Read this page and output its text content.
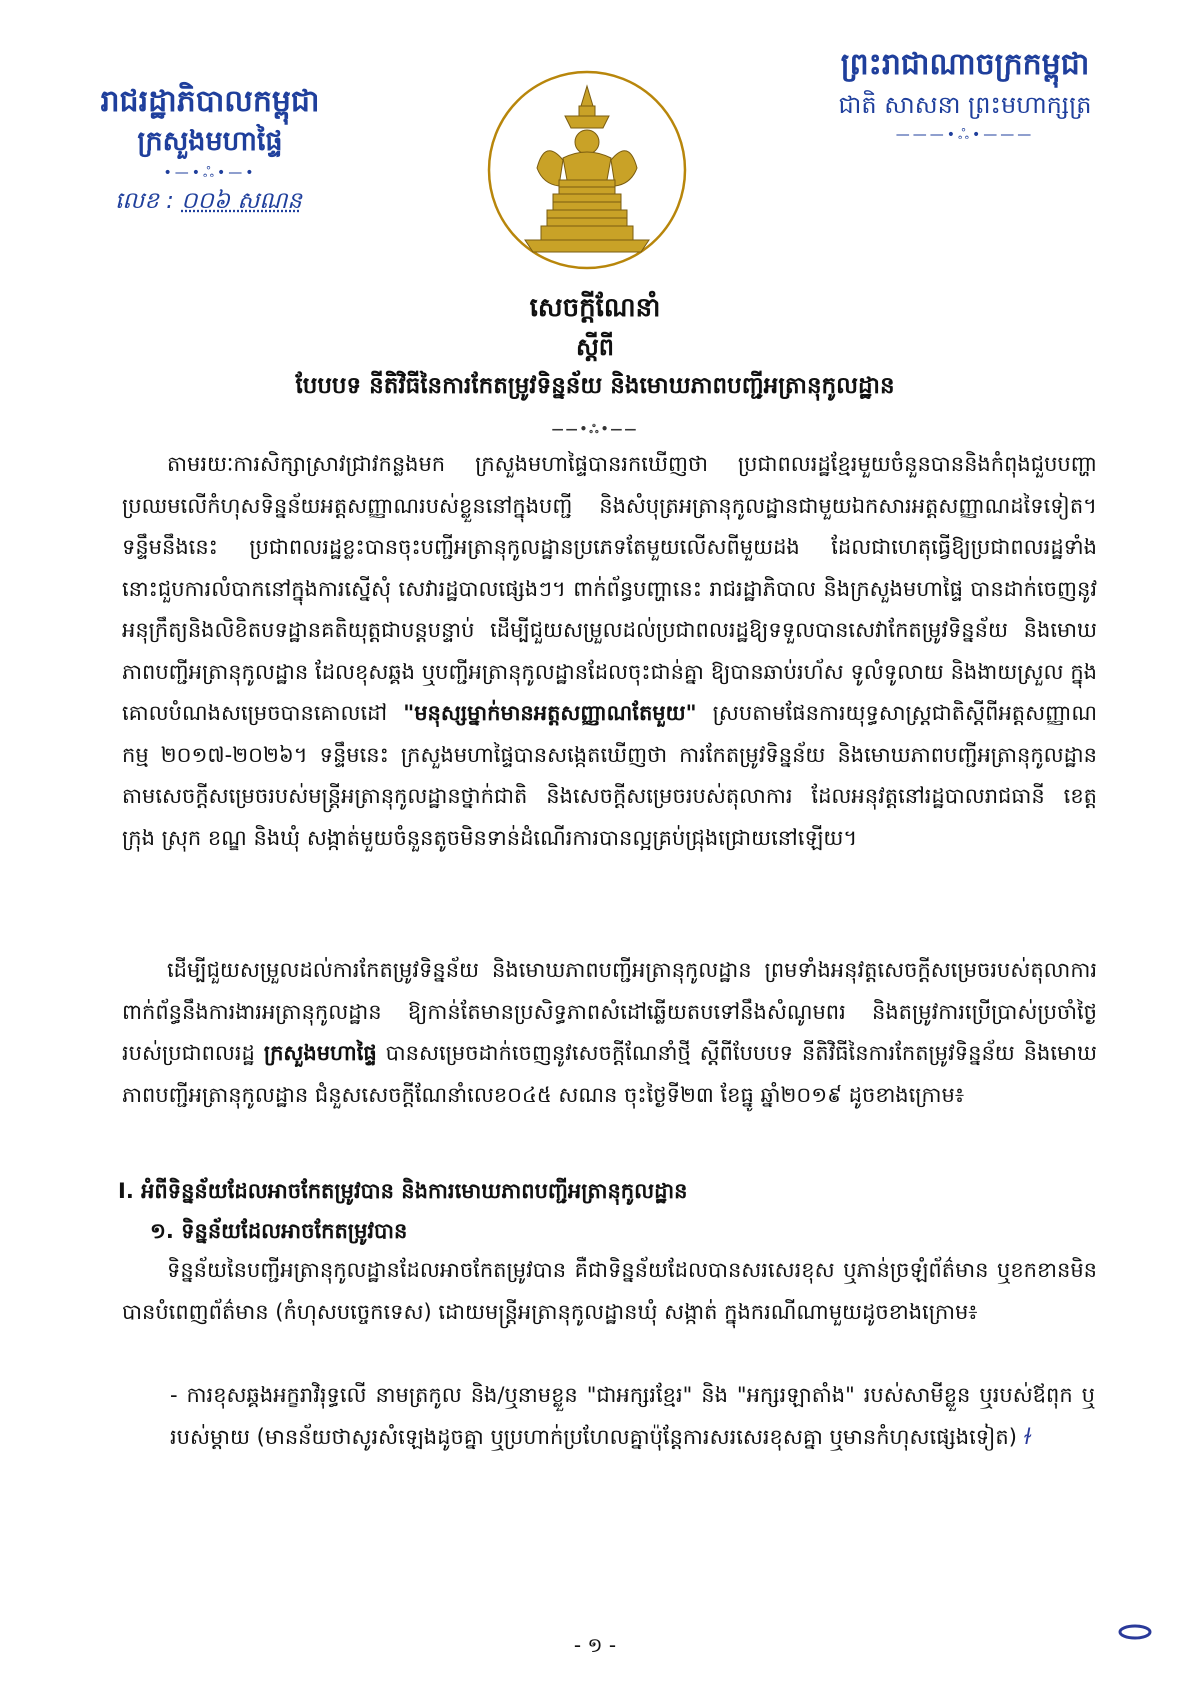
រាជរដ្ឋាភិបាលកម្ពុជា
ក្រសួងមហាផ្ទៃ
•—•ஃ•—•
លេខ : ០០៦ សណន
ព្រះរាជាណាចក្រកម្ពុជា
ជាតិ សាសនា ព្រះមហាក្សត្រ
———•ஃ•———
សេចក្ដីណែនាំ
ស្ដីពី
បែបបទ នីតិវិធីនៃការកែតម្រូវទិន្នន័យ និងមោឃភាពបញ្ជីអត្រានុកូលដ្ឋាន
——•ஃ•——
តាមរយៈការសិក្សាស្រាវជ្រាវកន្លងមក ក្រសួងមហាផ្ទៃបានរកឃើញថា ប្រជាពលរដ្ឋខ្មែរមួយចំនួនបាននិងកំពុងជួបបញ្ហាប្រឈមលើកំហុសទិន្នន័យអត្តសញ្ញាណរបស់ខ្លួននៅក្នុងបញ្ជី និងសំបុត្រអត្រានុកូលដ្ឋានជាមួយឯកសារអត្តសញ្ញាណដទៃទៀត។ ទន្ទឹមនឹងនេះ ប្រជាពលរដ្ឋខ្លះបានចុះបញ្ជីអត្រានុកូលដ្ឋានប្រភេទតែមួយលើសពីមួយដង ដែលជាហេតុធ្វើឱ្យប្រជាពលរដ្ឋទាំងនោះជួបការលំបាកនៅក្នុងការស្នើសុំ សេវារដ្ឋបាលផ្សេងៗ។ ពាក់ព័ន្ធបញ្ហានេះ រាជរដ្ឋាភិបាល និងក្រសួងមហាផ្ទៃ បានដាក់ចេញនូវអនុក្រឹត្យនិងលិខិតបទដ្ឋានគតិយុត្តជាបន្តបន្ទាប់ ដើម្បីជួយសម្រួលដល់ប្រជាពលរដ្ឋឱ្យទទួលបានសេវាកែតម្រូវទិន្នន័យ និងមោឃភាពបញ្ជីអត្រានុកូលដ្ឋាន ដែលខុសឆ្គង ឬបញ្ជីអត្រានុកូលដ្ឋានដែលចុះជាន់គ្នា ឱ្យបានឆាប់រហ័ស ទូលំទូលាយ និងងាយស្រួល ក្នុងគោលបំណងសម្រេចបានគោលដៅ "មនុស្សម្នាក់មានអត្តសញ្ញាណតែមួយ" ស្របតាមផែនការយុទ្ធសាស្ត្រជាតិស្ដីពីអត្តសញ្ញាណកម្ម ២០១៧-២០២៦។ ទន្ទឹមនេះ ក្រសួងមហាផ្ទៃបានសង្កេតឃើញថា ការកែតម្រូវទិន្នន័យ និងមោឃភាពបញ្ជីអត្រានុកូលដ្ឋានតាមសេចក្ដីសម្រេចរបស់មន្ត្រីអត្រានុកូលដ្ឋានថ្នាក់ជាតិ និងសេចក្ដីសម្រេចរបស់តុលាការ ដែលអនុវត្តនៅរដ្ឋបាលរាជធានី ខេត្ត ក្រុង ស្រុក ខណ្ឌ និងឃុំ សង្កាត់មួយចំនួនតូចមិនទាន់ដំណើរការបានល្អគ្រប់ជ្រុងជ្រោយនៅឡើយ។
ដើម្បីជួយសម្រួលដល់ការកែតម្រូវទិន្នន័យ និងមោឃភាពបញ្ជីអត្រានុកូលដ្ឋាន ព្រមទាំងអនុវត្តសេចក្ដីសម្រេចរបស់តុលាការពាក់ព័ន្ធនឹងការងារអត្រានុកូលដ្ឋាន ឱ្យកាន់តែមានប្រសិទ្ធភាពសំដៅឆ្លើយតបទៅនឹងសំណូមពរ និងតម្រូវការប្រើប្រាស់ប្រចាំថ្ងៃរបស់ប្រជាពលរដ្ឋ ក្រសួងមហាផ្ទៃ បានសម្រេចដាក់ចេញនូវសេចក្ដីណែនាំថ្មី ស្ដីពីបែបបទ នីតិវិធីនៃការកែតម្រូវទិន្នន័យ និងមោឃភាពបញ្ជីអត្រានុកូលដ្ឋាន ជំនួសសេចក្ដីណែនាំលេខ០៤៥ សណន ចុះថ្ងៃទី២៣ ខែធ្នូ ឆ្នាំ២០១៩ ដូចខាងក្រោម៖
I. អំពីទិន្នន័យដែលអាចកែតម្រូវបាន និងការមោឃភាពបញ្ជីអត្រានុកូលដ្ឋាន
១. ទិន្នន័យដែលអាចកែតម្រូវបាន
ទិន្នន័យនៃបញ្ជីអត្រានុកូលដ្ឋានដែលអាចកែតម្រូវបាន គឺជាទិន្នន័យដែលបានសរសេរខុស ឬភាន់ច្រឡំព័ត៌មាន ឬខកខានមិនបានបំពេញព័ត៌មាន (កំហុសបច្ចេកទេស) ដោយមន្ត្រីអត្រានុកូលដ្ឋានឃុំ សង្កាត់ ក្នុងករណីណាមួយដូចខាងក្រោម៖
- ការខុសឆ្គងអក្ខរាវិរុទ្ធលើ នាមត្រកូល និង/ឬនាមខ្លួន "ជាអក្សរខ្មែរ" និង "អក្សរឡាតាំង" របស់សាមីខ្លួន ឬរបស់ឪពុក ឬរបស់ម្ដាយ (មានន័យថាសូរសំឡេងដូចគ្នា ឬប្រហាក់ប្រហែលគ្នាប៉ុន្តែការសរសេរខុសគ្នា ឬមានកំហុសផ្សេងទៀត) ɫ
- ១ -
